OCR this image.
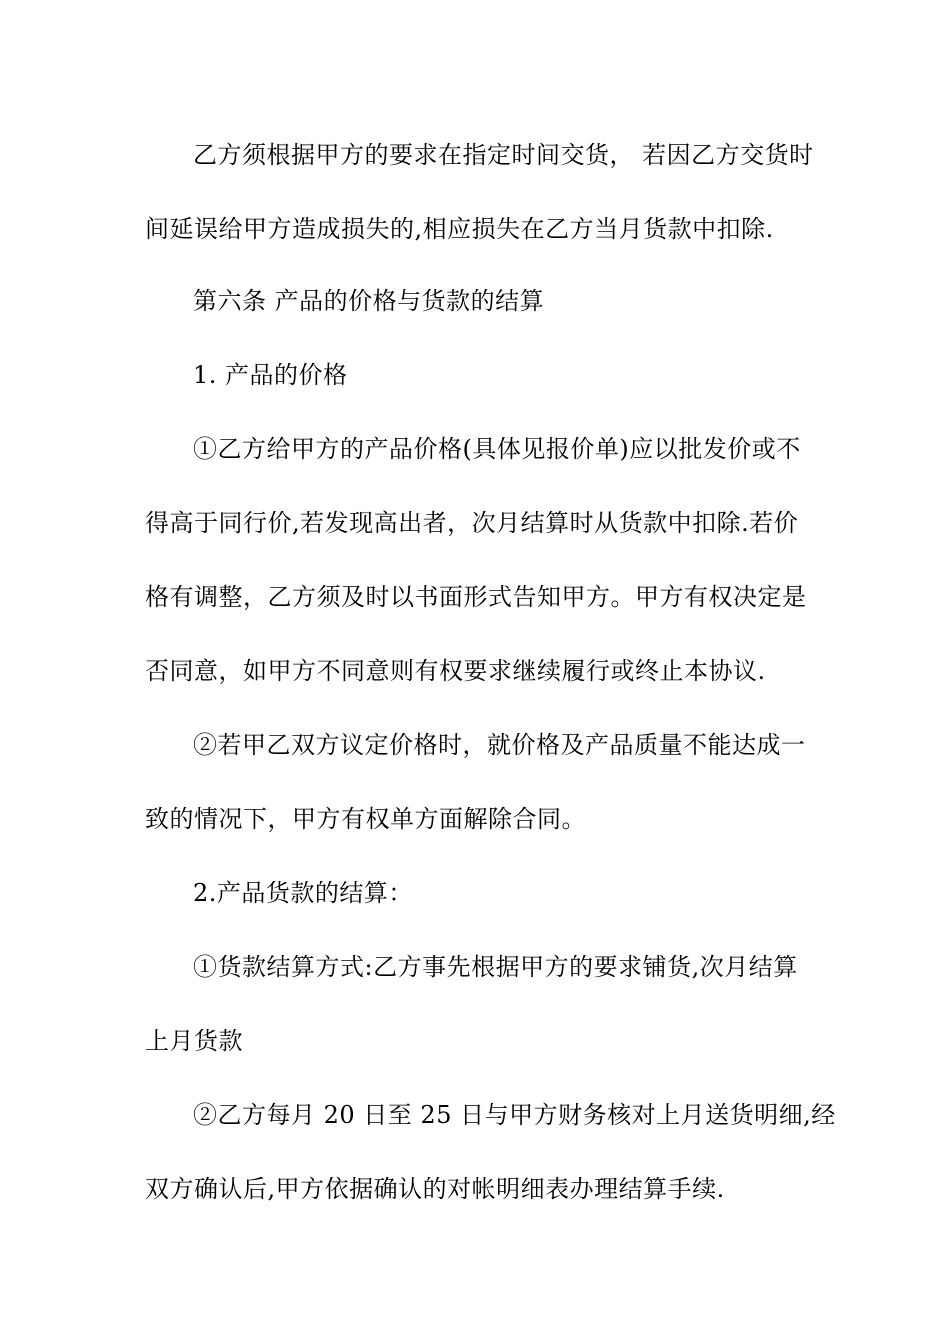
乙方须根据甲方的要求在指定时间交货， 若因乙方交货时
间延误给甲方造成损失的,相应损失在乙方当月货款中扣除.
第六条 产品的价格与货款的结算
1. 产品的价格
①乙方给甲方的产品价格(具体见报价单)应以批发价或不
得高于同行价,若发现高出者，次月结算时从货款中扣除.若价
格有调整，乙方须及时以书面形式告知甲方。甲方有权决定是
否同意，如甲方不同意则有权要求继续履行或终止本协议.
②若甲乙双方议定价格时，就价格及产品质量不能达成一
致的情况下，甲方有权单方面解除合同。
2.产品货款的结算：
①货款结算方式:乙方事先根据甲方的要求铺货,次月结算
上月货款
②乙方每月 20 日至 25 日与甲方财务核对上月送货明细,经
双方确认后,甲方依据确认的对帐明细表办理结算手续.
